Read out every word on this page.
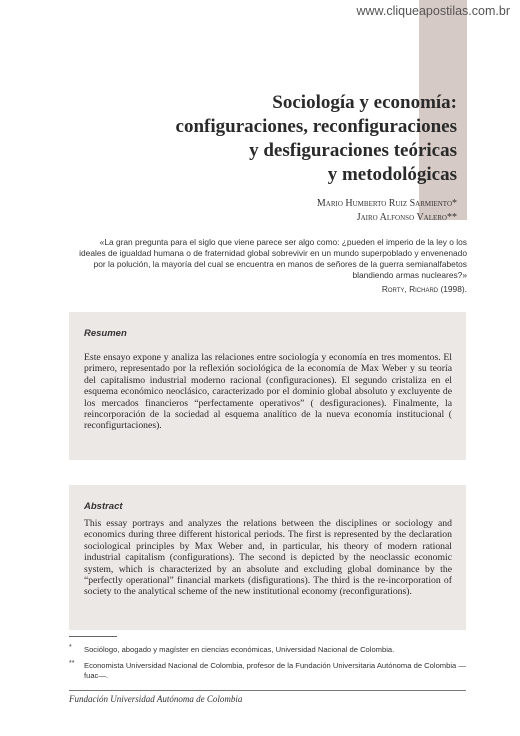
www.cliqueapostilas.com.br
Sociología y economía:
configuraciones, reconfiguraciones
y desfiguraciones teóricas
y metodológicas
Mario Humberto Ruiz Sarmiento*
Jairo Alfonso Valero**
«La gran pregunta para el siglo que viene parece ser algo como: ¿pueden el imperio de la ley o los ideales de igualdad humana o de fraternidad global sobrevivir en un mundo superpoblado y envenenado por la polución, la mayoría del cual se encuentra en manos de señores de la guerra semianalfabetos blandiendo armas nucleares?»
Rorty, Richard (1998).
Resumen

Este ensayo expone y analiza las relaciones entre sociología y economía en tres momentos. El primero, representado por la reflexión sociológica de la economía de Max Weber y su teoría del capitalismo industrial moderno racional (configuraciones). El segundo cristaliza en el esquema económico neoclásico, caracterizado por el dominio global absoluto y excluyente de los mercados financieros “perfectamente operativos” ( desfiguraciones). Finalmente, la reincorporación de la sociedad al esquema analítico de la nueva economía institucional ( reconfigurtaciones).

Abstract

This essay portrays and analyzes the relations between the disciplines or sociology and economics during three different historical periods. The first is represented by the declaration sociological principles by Max Weber and, in particular, his theory of modern rational industrial capitalism (configurations). The second is depicted by the neoclassic economic system, which is characterized by an absolute and excluding global dominance by the “perfectly operational” financial markets (disfigurations). The third is the re-incorporation of society to the analytical scheme of the new institutional economy (reconfigurations).

* Sociólogo, abogado y magíster en ciencias económicas, Universidad Nacional de Colombia.
** Economista Universidad Nacional de Colombia, profesor de la Fundación Universitaria Autónoma de Colombia —fuac—.
Fundación Universidad Autónoma de Colombia
